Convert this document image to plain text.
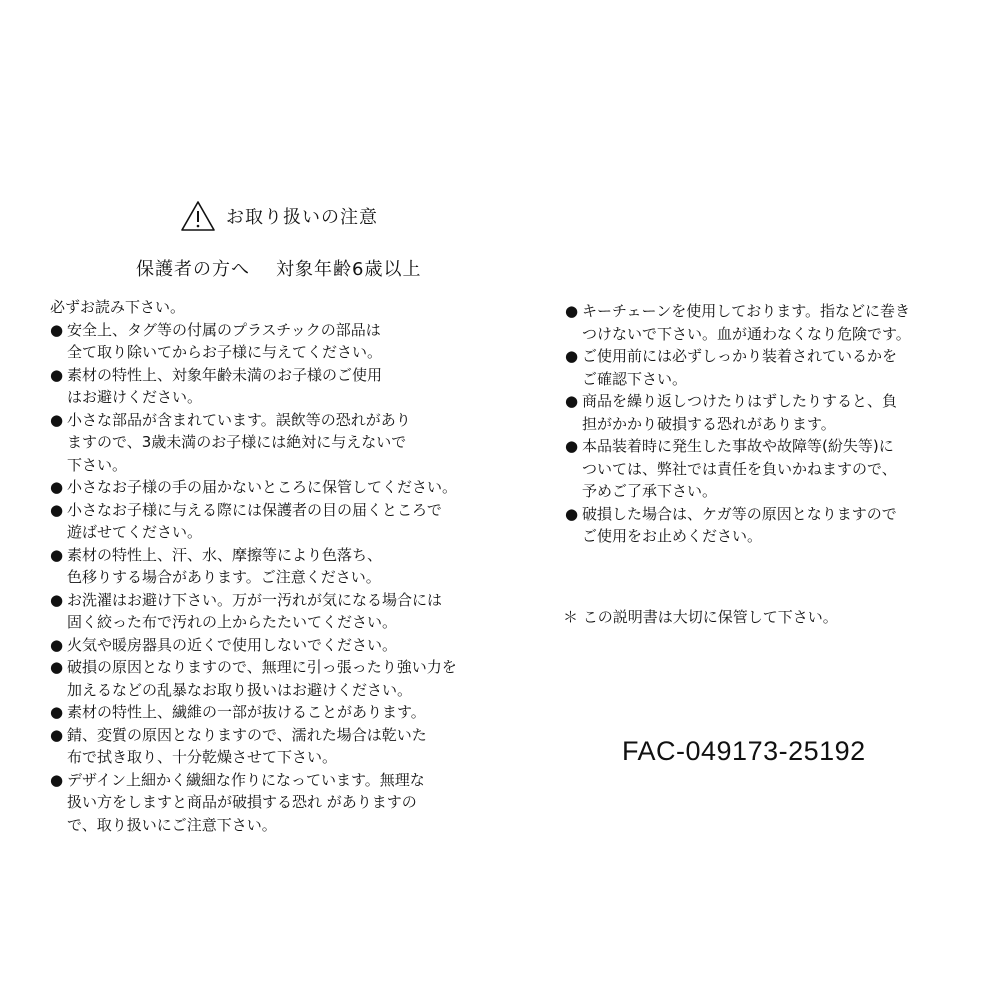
お取り扱いの注意
保護者の方へ 対象年齢6歳以上
必ずお読み下さい。
● 安全上、タグ等の付属のプラスチックの部品は
全て取り除いてからお子様に与えてください。
● 素材の特性上、対象年齢未満のお子様のご使用
はお避けください。
● 小さな部品が含まれています。誤飲等の恐れがあり
ますので、3歳未満のお子様には絶対に与えないで
下さい。
● 小さなお子様の手の届かないところに保管してください。
● 小さなお子様に与える際には保護者の目の届くところで
遊ばせてください。
● 素材の特性上、汗、水、摩擦等により色落ち、
色移りする場合があります。ご注意ください。
● お洗濯はお避け下さい。万が一汚れが気になる場合には
固く絞った布で汚れの上からたたいてください。
● 火気や暖房器具の近くで使用しないでください。
● 破損の原因となりますので、無理に引っ張ったり強い力を
加えるなどの乱暴なお取り扱いはお避けください。
● 素材の特性上、繊維の一部が抜けることがあります。
● 錆、変質の原因となりますので、濡れた場合は乾いた
布で拭き取り、十分乾燥させて下さい。
● デザイン上細かく繊細な作りになっています。無理な
扱い方をしますと商品が破損する恐れ がありますの
で、取り扱いにご注意下さい。
● キーチェーンを使用しております。指などに巻き
つけないで下さい。血が通わなくなり危険です。
● ご使用前には必ずしっかり装着されているかを
ご確認下さい。
● 商品を繰り返しつけたりはずしたりすると、負
担がかかり破損する恐れがあります。
● 本品装着時に発生した事故や故障等(紛失等)に
ついては、弊社では責任を負いかねますので、
予めご了承下さい。
● 破損した場合は、ケガ等の原因となりますので
ご使用をお止めください。
＊ この説明書は大切に保管して下さい。
FAC-049173-25192
